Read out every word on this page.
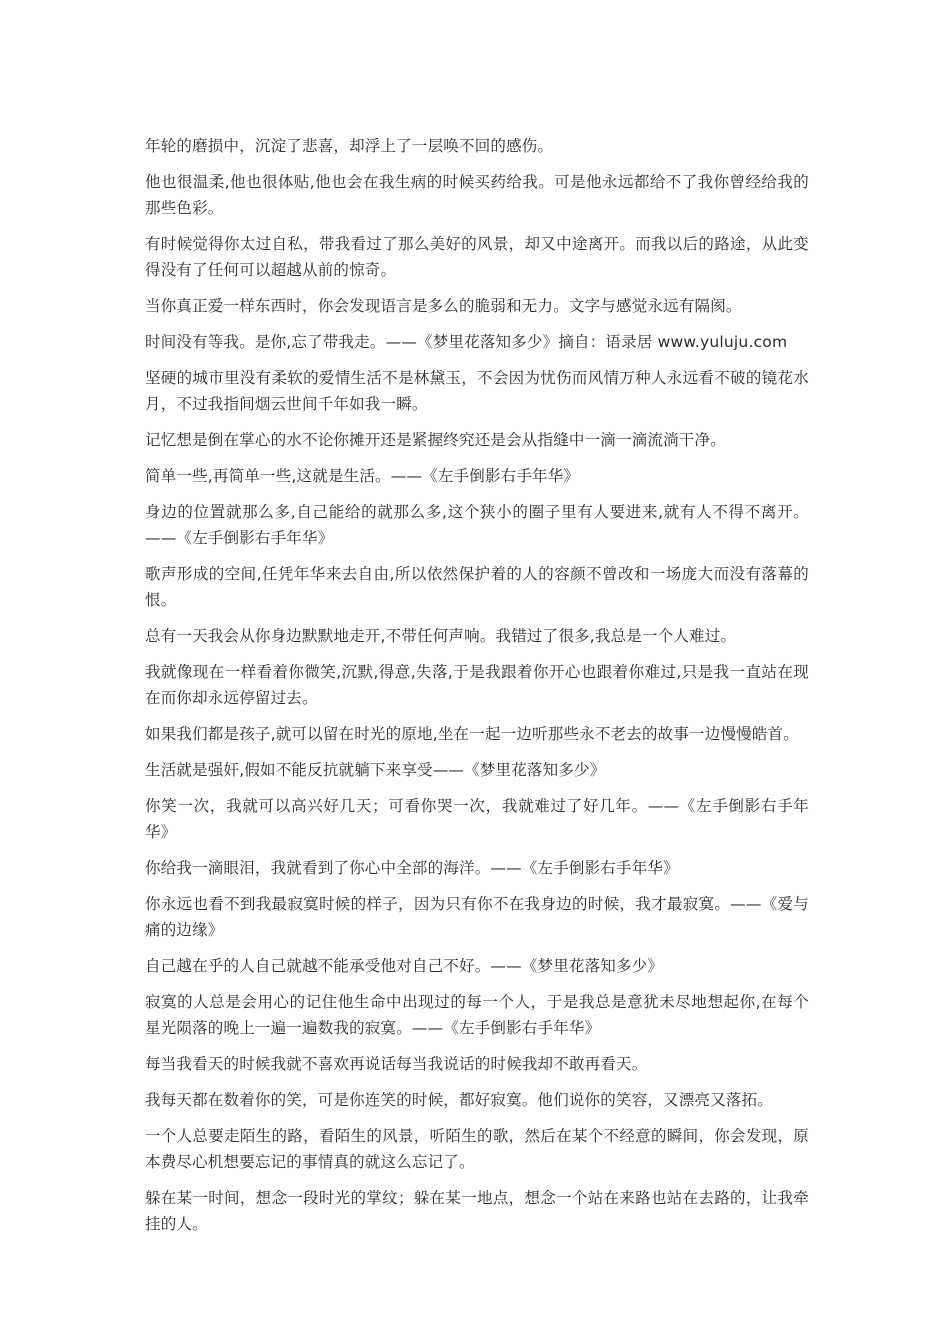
年轮的磨损中，沉淀了悲喜，却浮上了一层唤不回的感伤。

他也很温柔,他也很体贴,他也会在我生病的时候买药给我。可是他永远都给不了我你曾经给我的那些色彩。

有时候觉得你太过自私，带我看过了那么美好的风景，却又中途离开。而我以后的路途，从此变得没有了任何可以超越从前的惊奇。

当你真正爱一样东西时，你会发现语言是多么的脆弱和无力。文字与感觉永远有隔阂。

时间没有等我。是你,忘了带我走。——《梦里花落知多少》摘自：语录居 www.yuluju.com

坚硬的城市里没有柔软的爱情生活不是林黛玉，不会因为忧伤而风情万种人永远看不破的镜花水月，不过我指间烟云世间千年如我一瞬。

记忆想是倒在掌心的水不论你摊开还是紧握终究还是会从指缝中一滴一滴流淌干净。

简单一些,再简单一些,这就是生活。——《左手倒影右手年华》

身边的位置就那么多,自己能给的就那么多,这个狭小的圈子里有人要进来,就有人不得不离开。——《左手倒影右手年华》

歌声形成的空间,任凭年华来去自由,所以依然保护着的人的容颜不曾改和一场庞大而没有落幕的恨。

总有一天我会从你身边默默地走开,不带任何声响。我错过了很多,我总是一个人难过。

我就像现在一样看着你微笑,沉默,得意,失落,于是我跟着你开心也跟着你难过,只是我一直站在现在而你却永远停留过去。

如果我们都是孩子,就可以留在时光的原地,坐在一起一边听那些永不老去的故事一边慢慢皓首。

生活就是强奸,假如不能反抗就躺下来享受——《梦里花落知多少》

你笑一次，我就可以高兴好几天；可看你哭一次，我就难过了好几年。——《左手倒影右手年华》

你给我一滴眼泪，我就看到了你心中全部的海洋。——《左手倒影右手年华》

你永远也看不到我最寂寞时候的样子，因为只有你不在我身边的时候，我才最寂寞。——《爱与痛的边缘》

自己越在乎的人自己就越不能承受他对自己不好。——《梦里花落知多少》

寂寞的人总是会用心的记住他生命中出现过的每一个人，于是我总是意犹未尽地想起你,在每个星光陨落的晚上一遍一遍数我的寂寞。——《左手倒影右手年华》

每当我看天的时候我就不喜欢再说话每当我说话的时候我却不敢再看天。

我每天都在数着你的笑，可是你连笑的时候，都好寂寞。他们说你的笑容，又漂亮又落拓。

一个人总要走陌生的路，看陌生的风景，听陌生的歌，然后在某个不经意的瞬间，你会发现，原本费尽心机想要忘记的事情真的就这么忘记了。

躲在某一时间，想念一段时光的掌纹；躲在某一地点，想念一个站在来路也站在去路的，让我牵挂的人。
